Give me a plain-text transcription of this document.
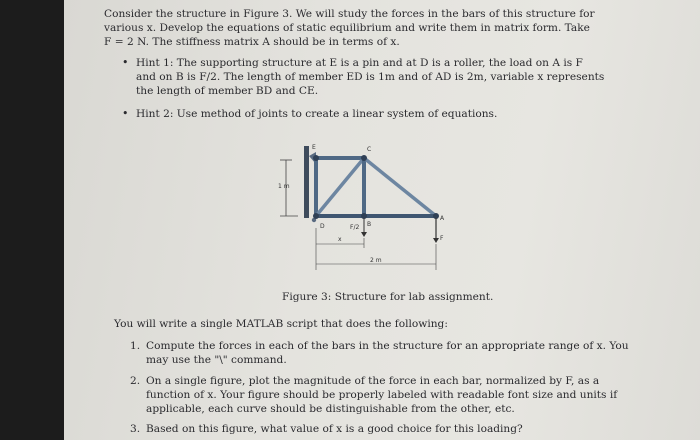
Consider the structure in Figure 3. We will study the forces in the bars of this structure for
various x. Develop the equations of static equilibrium and write them in matrix form. Take
F = 2 N. The stiffness matrix A should be in terms of x.
• Hint 1: The supporting structure at E is a pin and at D is a roller, the load on A is F
and on B is F/2. The length of member ED is 1m and of AD is 2m, variable x represents
the length of member BD and CE.
• Hint 2: Use method of joints to create a linear system of equations.
1 m
E	C
D	B
A
F
F/2
x
2 m
Figure 3: Structure for lab assignment.
You will write a single MATLAB script that does the following:
1. Compute the forces in each of the bars in the structure for an appropriate range of x. You
may use the "\" command.
2. On a single figure, plot the magnitude of the force in each bar, normalized by F, as a
function of x. Your figure should be properly labeled with readable font size and units if
applicable, each curve should be distinguishable from the other, etc.
3. Based on this figure, what value of x is a good choice for this loading?
